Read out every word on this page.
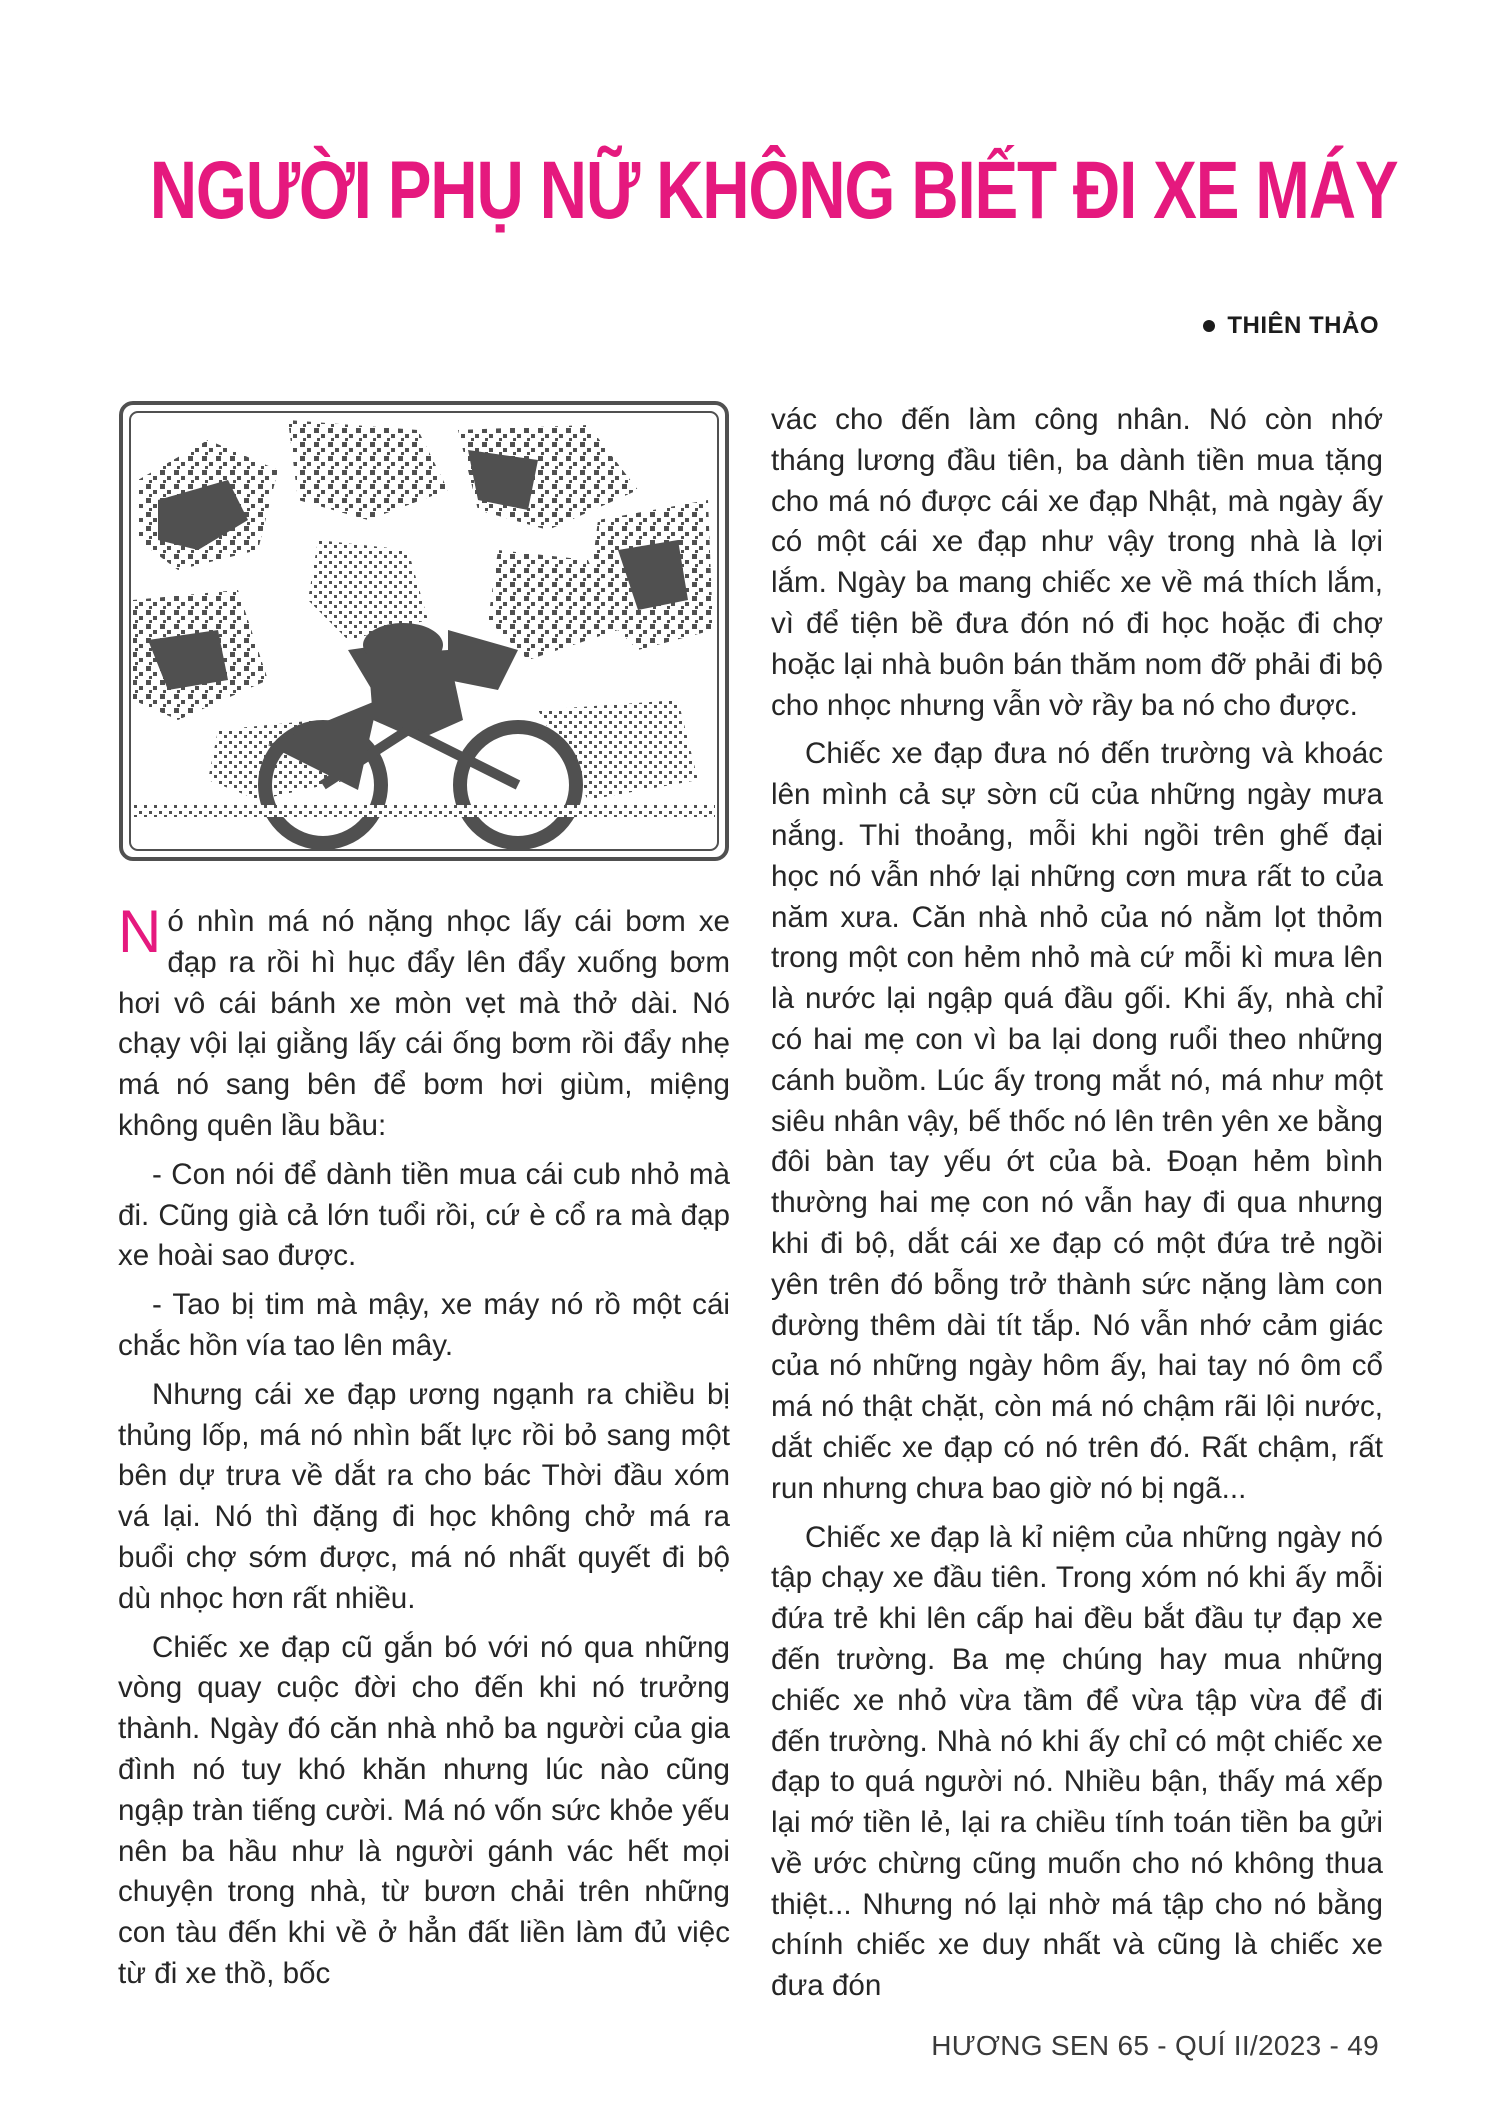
NGƯỜI PHỤ NỮ KHÔNG BIẾT ĐI XE MÁY
THIÊN THẢO

Nó nhìn má nó nặng nhọc lấy cái bơm xe đạp ra rồi hì hục đẩy lên đẩy xuống bơm hơi vô cái bánh xe mòn vẹt mà thở dài. Nó chạy vội lại giằng lấy cái ống bơm rồi đẩy nhẹ má nó sang bên để bơm hơi giùm, miệng không quên lầu bầu:

- Con nói để dành tiền mua cái cub nhỏ mà đi. Cũng già cả lớn tuổi rồi, cứ è cổ ra mà đạp xe hoài sao được.

- Tao bị tim mà mậy, xe máy nó rồ một cái chắc hồn vía tao lên mây.

Nhưng cái xe đạp ương ngạnh ra chiều bị thủng lốp, má nó nhìn bất lực rồi bỏ sang một bên dự trưa về dắt ra cho bác Thời đầu xóm vá lại. Nó thì đặng đi học không chở má ra buổi chợ sớm được, má nó nhất quyết đi bộ dù nhọc hơn rất nhiều.

Chiếc xe đạp cũ gắn bó với nó qua những vòng quay cuộc đời cho đến khi nó trưởng thành. Ngày đó căn nhà nhỏ ba người của gia đình nó tuy khó khăn nhưng lúc nào cũng ngập tràn tiếng cười. Má nó vốn sức khỏe yếu nên ba hầu như là người gánh vác hết mọi chuyện trong nhà, từ bươn chải trên những con tàu đến khi về ở hẳn đất liền làm đủ việc từ đi xe thồ, bốc

vác cho đến làm công nhân. Nó còn nhớ tháng lương đầu tiên, ba dành tiền mua tặng cho má nó được cái xe đạp Nhật, mà ngày ấy có một cái xe đạp như vậy trong nhà là lợi lắm. Ngày ba mang chiếc xe về má thích lắm, vì để tiện bề đưa đón nó đi học hoặc đi chợ hoặc lại nhà buôn bán thăm nom đỡ phải đi bộ cho nhọc nhưng vẫn vờ rầy ba nó cho được.

Chiếc xe đạp đưa nó đến trường và khoác lên mình cả sự sờn cũ của những ngày mưa nắng. Thi thoảng, mỗi khi ngồi trên ghế đại học nó vẫn nhớ lại những cơn mưa rất to của năm xưa. Căn nhà nhỏ của nó nằm lọt thỏm trong một con hẻm nhỏ mà cứ mỗi kì mưa lên là nước lại ngập quá đầu gối. Khi ấy, nhà chỉ có hai mẹ con vì ba lại dong ruổi theo những cánh buồm. Lúc ấy trong mắt nó, má như một siêu nhân vậy, bế thốc nó lên trên yên xe bằng đôi bàn tay yếu ớt của bà. Đoạn hẻm bình thường hai mẹ con nó vẫn hay đi qua nhưng khi đi bộ, dắt cái xe đạp có một đứa trẻ ngồi yên trên đó bỗng trở thành sức nặng làm con đường thêm dài tít tắp. Nó vẫn nhớ cảm giác của nó những ngày hôm ấy, hai tay nó ôm cổ má nó thật chặt, còn má nó chậm rãi lội nước, dắt chiếc xe đạp có nó trên đó. Rất chậm, rất run nhưng chưa bao giờ nó bị ngã...

Chiếc xe đạp là kỉ niệm của những ngày nó tập chạy xe đầu tiên. Trong xóm nó khi ấy mỗi đứa trẻ khi lên cấp hai đều bắt đầu tự đạp xe đến trường. Ba mẹ chúng hay mua những chiếc xe nhỏ vừa tầm để vừa tập vừa để đi đến trường. Nhà nó khi ấy chỉ có một chiếc xe đạp to quá người nó. Nhiều bận, thấy má xếp lại mớ tiền lẻ, lại ra chiều tính toán tiền ba gửi về ước chừng cũng muốn cho nó không thua thiệt... Nhưng nó lại nhờ má tập cho nó bằng chính chiếc xe duy nhất và cũng là chiếc xe đưa đón

HƯƠNG SEN 65 - QUÍ II/2023 - 49
